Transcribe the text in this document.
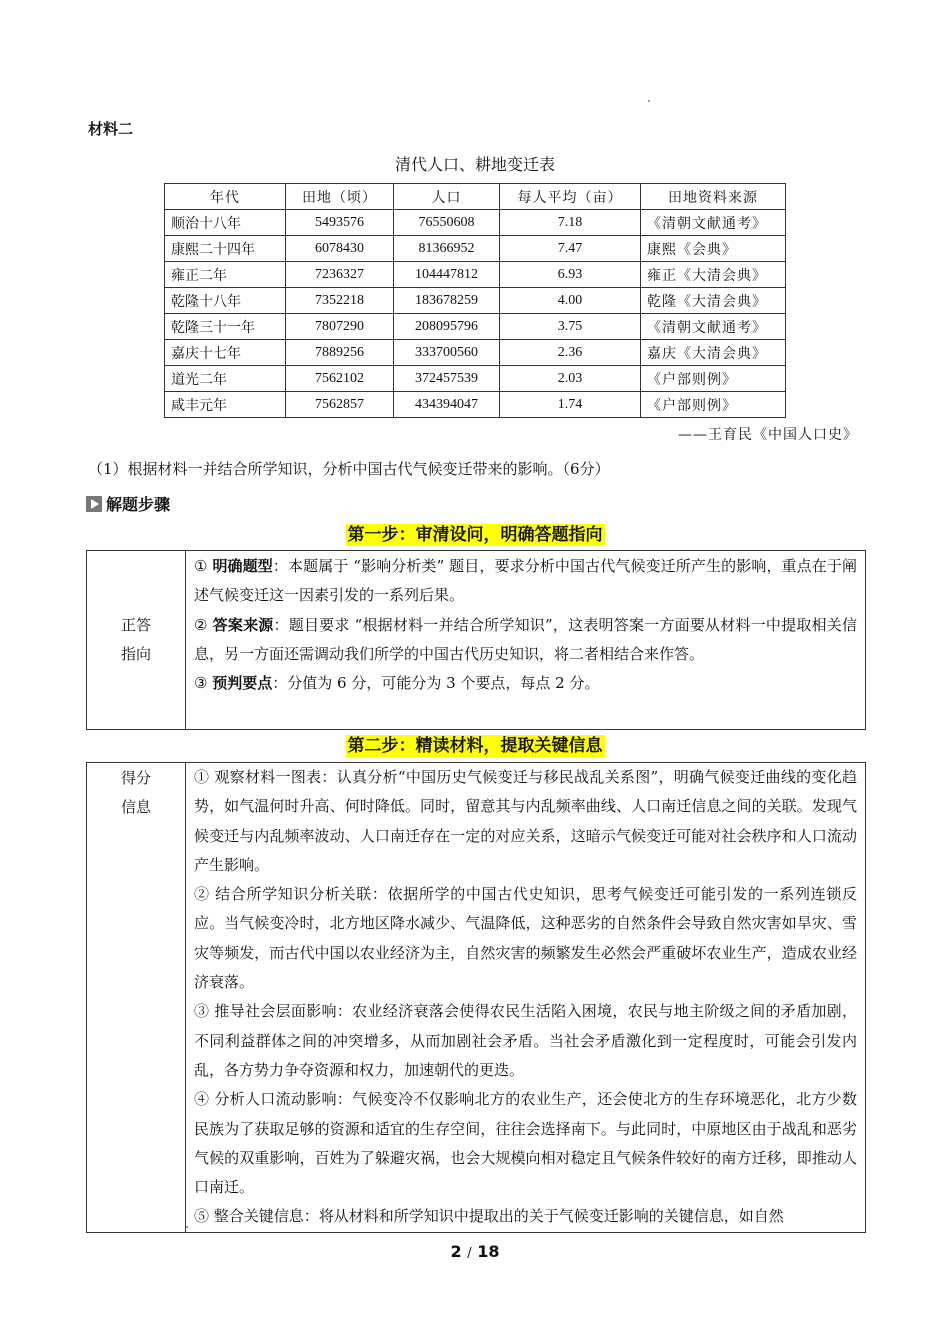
材料二
清代人口、耕地变迁表
年代	田地（顷）	人口	每人平均（亩）	田地资料来源
顺治十八年	5493576	76550608	7.18	《清朝文献通考》
康熙二十四年	6078430	81366952	7.47	康熙《会典》
雍正二年	7236327	104447812	6.93	雍正《大清会典》
乾隆十八年	7352218	183678259	4.00	乾隆《大清会典》
乾隆三十一年	7807290	208095796	3.75	《清朝文献通考》
嘉庆十七年	7889256	333700560	2.36	嘉庆《大清会典》
道光二年	7562102	372457539	2.03	《户部则例》
咸丰元年	7562857	434394047	1.74	《户部则例》
——王育民《中国人口史》
（1）根据材料一并结合所学知识，分析中国古代气候变迁带来的影响。（6分）
解题步骤
第一步：审清设问，明确答题指向
正答
指向

① 明确题型：本题属于 “影响分析类” 题目，要求分析中国古代气候变迁所产生的影响，重点在于阐述气候变迁这一因素引发的一系列后果。
② 答案来源：题目要求 “根据材料一并结合所学知识”，这表明答案一方面要从材料一中提取相关信息，另一方面还需调动我们所学的中国古代历史知识，将二者相结合来作答。
③ 预判要点：分值为 6 分，可能分为 3 个要点，每点 2 分。
第二步：精读材料，提取关键信息
得分
信息

① 观察材料一图表：认真分析“中国历史气候变迁与移民战乱关系图”，明确气候变迁曲线的变化趋势，如气温何时升高、何时降低。同时，留意其与内乱频率曲线、人口南迁信息之间的关联。发现气候变迁与内乱频率波动、人口南迁存在一定的对应关系，这暗示气候变迁可能对社会秩序和人口流动产生影响。
② 结合所学知识分析关联：依据所学的中国古代史知识，思考气候变迁可能引发的一系列连锁反应。当气候变冷时，北方地区降水减少、气温降低，这种恶劣的自然条件会导致自然灾害如旱灾、雪灾等频发，而古代中国以农业经济为主，自然灾害的频繁发生必然会严重破坏农业生产，造成农业经济衰落。
③ 推导社会层面影响：农业经济衰落会使得农民生活陷入困境，农民与地主阶级之间的矛盾加剧，不同利益群体之间的冲突增多，从而加剧社会矛盾。当社会矛盾激化到一定程度时，可能会引发内乱，各方势力争夺资源和权力，加速朝代的更迭。
④ 分析人口流动影响：气候变冷不仅影响北方的农业生产，还会使北方的生存环境恶化，北方少数民族为了获取足够的资源和适宜的生存空间，往往会选择南下。与此同时，中原地区由于战乱和恶劣气候的双重影响，百姓为了躲避灾祸，也会大规模向相对稳定且气候条件较好的南方迁移，即推动人口南迁。
⑤ 整合关键信息：将从材料和所学知识中提取出的关于气候变迁影响的关键信息，如自然
2 / 18
